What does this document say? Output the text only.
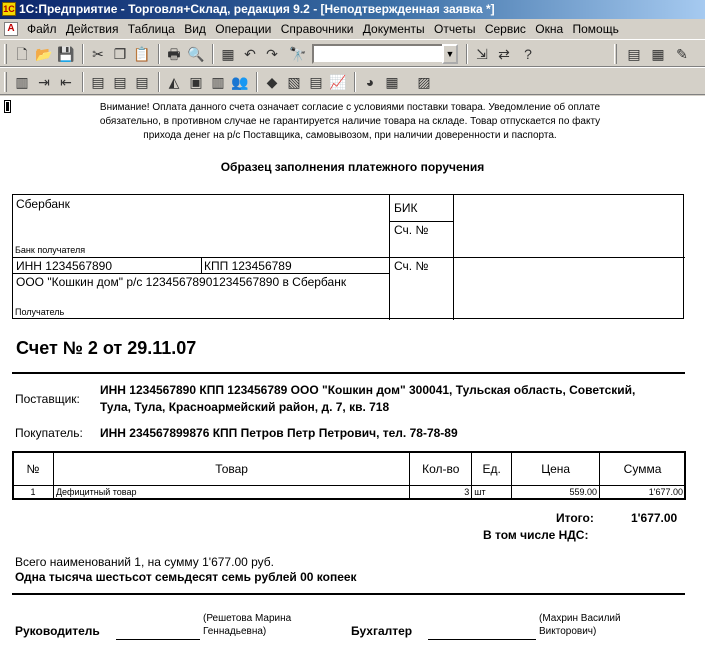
1С 1С:Предприятие - Торговля+Склад, редакция 9.2 - [Неподтвержденная заявка *]
A Файл Действия Таблица Вид Операции Справочники Документы Отчеты Сервис Окна Помощь
🗋 📂 💾 ✂ ❐ 📋 🖶 🔍 ▦ ↶ ↷ 🔭	▼ ⇲ ⇄	?	▤ ▦ ✎
▥ ⇥ ⇤ ▤ ▤ ▤	◭ ▣ ▥ 👥	◆ ▧ ▤ 📈	◕ ▦ ▨
Внимание! Оплата данного счета означает согласие с условиями поставки товара. Уведомление об оплате
обязательно, в противном случае не гарантируется наличие товара на складе. Товар отпускается по факту
прихода денег на р/с Поставщика, самовывозом, при наличии доверенности и паспорта.
Образец заполнения платежного поручения
Сбербанк
Банк получателя
БИК
Сч. №
ИНН 1234567890	КПП 123456789	Сч. №
ООО "Кошкин дом" р/с 12345678901234567890 в Сбербанк
Получатель
Счет № 2 от 29.11.07
Поставщик:
ИНН 1234567890 КПП 123456789 ООО "Кошкин дом" 300041, Тульская область, Советский,
Тула, Тула, Красноармейский район, д. 7, кв. 718
Покупатель: ИНН 234567899876 КПП Петров Петр Петрович, тел. 78-78-89
№	Товар	Кол-во	Ед.	Цена	Сумма
1	Дефицитный товар	3	шт	559.00	1'677.00
Итого:	1'677.00
В том числе НДС:
Всего наименований 1, на сумму 1'677.00 руб.
Одна тысяча шестьсот семьдесят семь рублей 00 копеек
Руководитель
(Решетова Марина
Геннадьевна)	Бухгалтер
(Махрин Василий
Викторович)
